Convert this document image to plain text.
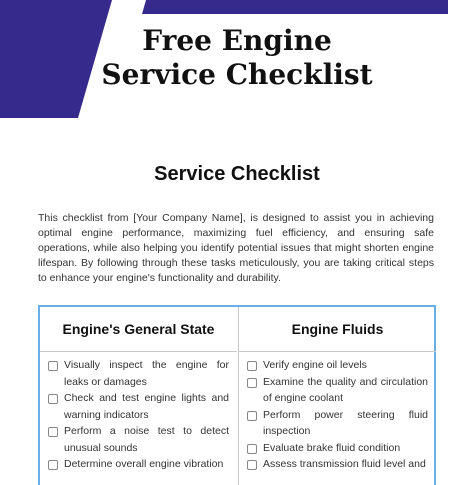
Free Engine
Service Checklist
Service Checklist

This checklist from [Your Company Name], is designed to assist you in achieving optimal engine performance, maximizing fuel efficiency, and ensuring safe operations, while also helping you identify potential issues that might shorten engine lifespan. By following through these tasks meticulously, you are taking critical steps to enhance your engine's functionality and durability.

Engine's General State
Visually inspect the engine for leaks or damages
Check and test engine lights and warning indicators
Perform a noise test to detect unusual sounds
Determine overall engine vibration
Engine Fluids
Verify engine oil levels
Examine the quality and circulation of engine coolant
Perform power steering fluid inspection
Evaluate brake fluid condition
Assess transmission fluid level and
